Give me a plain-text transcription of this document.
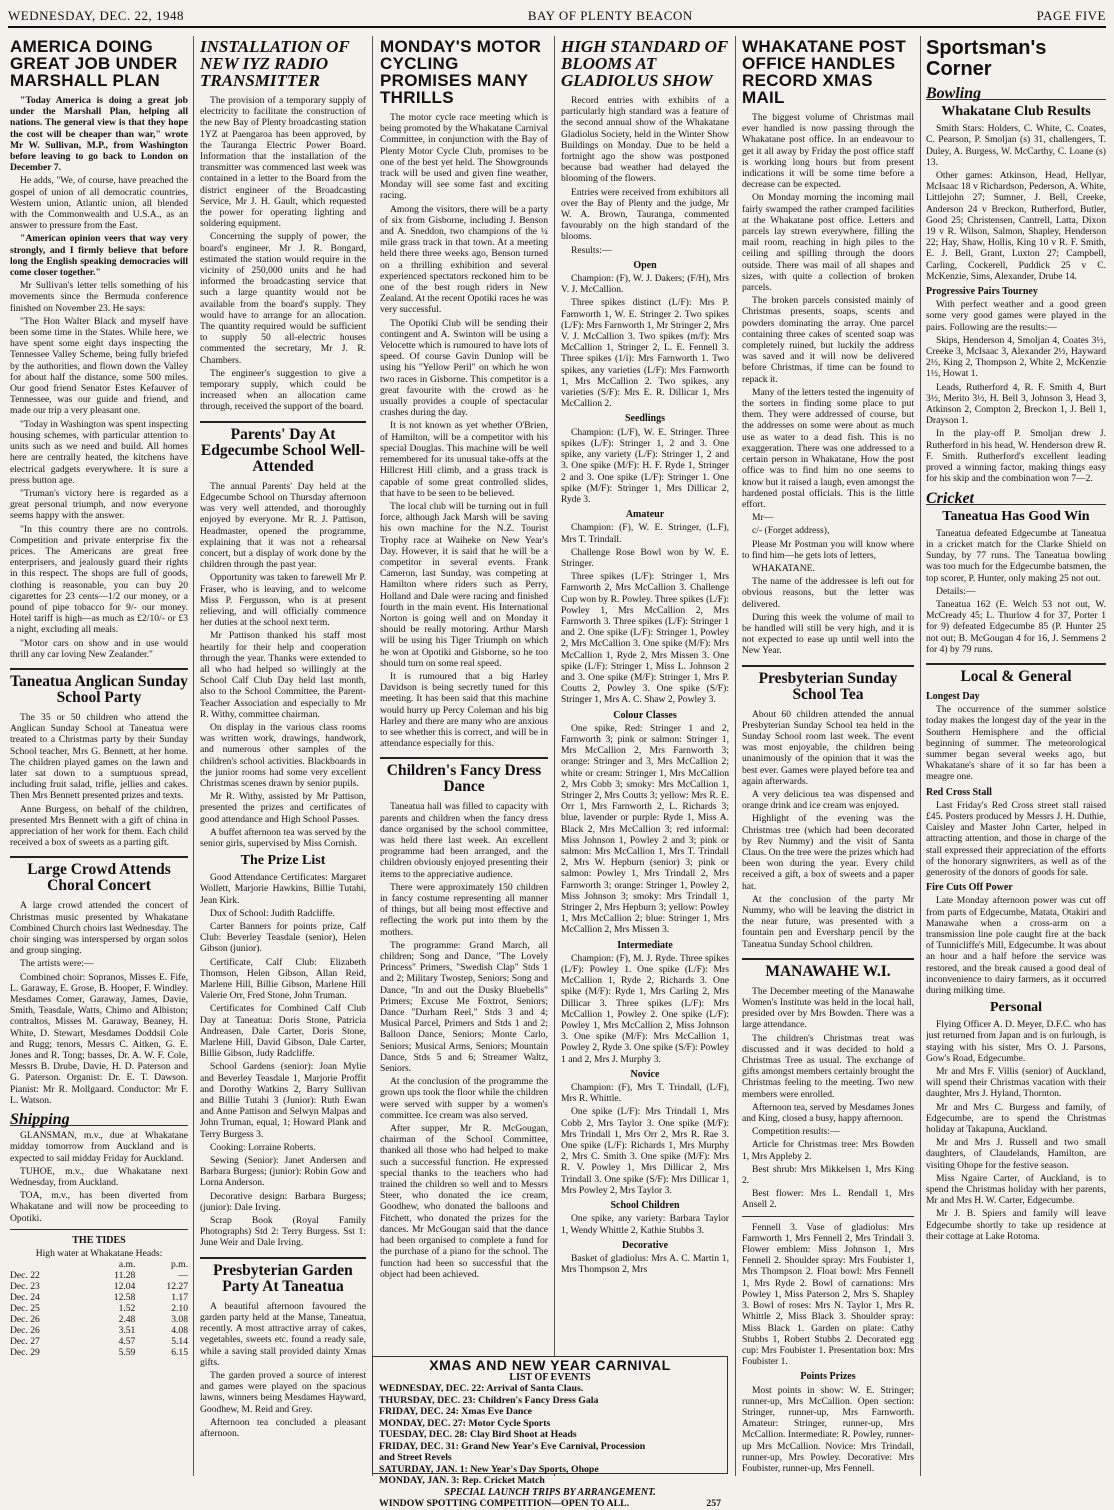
WEDNESDAY, DEC. 22, 1948	BAY OF PLENTY BEACON	PAGE FIVE
AMERICA DOING GREAT JOB UNDER MARSHALL PLAN

"Today America is doing a great job under the Marshall Plan, helping all nations. The general view is that they hope the cost will be cheaper than war," wrote Mr W. Sullivan, M.P., from Washington before leaving to go back to London on December 7.

He adds, "We, of course, have preached the gospel of union of all democratic countries, Western union, Atlantic union, all blended with the Commonwealth and U.S.A., as an answer to pressure from the East.

"American opinion veers that way very strongly, and I firmly believe that before long the English speaking democracies will come closer together."

Mr Sullivan's letter tells something of his movements since the Bermuda conference finished on November 23. He says:

"The Hon Walter Black and myself have been some time in the States. While here, we have spent some eight days inspecting the Tennessee Valley Scheme, being fully briefed by the authorities, and flown down the Valley for about half the distance, some 500 miles. Our good friend Senator Estes Kefauver of Tennessee, was our guide and friend, and made our trip a very pleasant one.

"Today in Washington was spent inspecting housing schemes, with particular attention to units such as we need and build. All homes here are centrally heated, the kitchens have electrical gadgets everywhere. It is sure a press button age.

"Truman's victory here is regarded as a great personal triumph, and now everyone seems happy with the answer.

"In this country there are no controls. Competition and private enterprise fix the prices. The Americans are great free enterprisers, and jealously guard their rights in this respect. The shops are full of goods, clothing is reasonable, you can buy 20 cigarettes for 23 cents—1/2 our money, or a pound of pipe tobacco for 9/- our money. Hotel tariff is high—as much as £2/10/- or £3 a night, excluding all meals.

"Motor cars on show and in use would thrill any car loving New Zealander."

Taneatua Anglican Sunday School Party

The 35 or 50 children who attend the Anglican Sunday School at Taneatua were treated to a Christmas party by their Sunday School teacher, Mrs G. Bennett, at her home. The children played games on the lawn and later sat down to a sumptuous spread, including fruit salad, trifle, jellies and cakes. Then Mrs Bennett presented prizes and texts.

Anne Burgess, on behalf of the children, presented Mrs Bennett with a gift of china in appreciation of her work for them. Each child received a box of sweets as a parting gift.

Large Crowd Attends Choral Concert

A large crowd attended the concert of Christmas music presented by Whakatane Combined Church choirs last Wednesday. The choir singing was interspersed by organ solos and group singing.

The artists were:—

Combined choir: Sopranos, Misses E. Fife, L. Garaway, E. Grose, B. Hooper, F. Windley. Mesdames Comer, Garaway, James, Davie, Smith, Teasdale, Watts, Chimo and Albiston; contraltos, Misses M. Garaway, Beaney, H. White, D. Stewart, Mesdames Doddsil Cole and Rugg; tenors, Messrs C. Aitken, G. E. Jones and R. Tong; basses, Dr. A. W. F. Cole, Messrs B. Drube, Davie, H. D. Paterson and G. Paterson. Organist: Dr. E. T. Dawson. Pianist: Mr R. Mollgaard. Conductor: Mr F. L. Watson.

Shipping

GLANSMAN, m.v., due at Whakatane midday tomorrow from Auckland and is expected to sail midday Friday for Auckland.

TUHOE, m.v., due Whakatane next Wednesday, from Auckland.

TOA, m.v., has been diverted from Whakatane and will now be proceeding to Opotiki.

THE TIDES
High water at Whakatane Heads:
	a.m.	p.m.
Dec. 22	11.28	—
Dec. 23	12.04	12.27
Dec. 24	12.58	1.17
Dec. 25	1.52	2.10
Dec. 26	2.48	3.08
Dec. 26	3.51	4.08
Dec. 27	4.57	5.14
Dec. 29	5.59	6.15
INSTALLATION OF NEW IYZ RADIO TRANSMITTER

The provision of a temporary supply of electricity to facilitate the construction of the new Bay of Plenty broadcasting station 1YZ at Paengaroa has been approved, by the Tauranga Electric Power Board. Information that the installation of the transmitter was commenced last week was contained in a letter to the Board from the district engineer of the Broadcasting Service, Mr J. H. Gault, which requested the power for operating lighting and soldering equipment.

Concerning the supply of power, the board's engineer, Mr J. R. Bongard, estimated the station would require in the vicinity of 250,000 units and he had informed the broadcasting service that such a large quantity would not be available from the board's supply. They would have to arrange for an allocation. The quantity required would be sufficient to supply 50 all-electric houses commented the secretary, Mr J. R. Chambers.

The engineer's suggestion to give a temporary supply, which could be increased when an allocation came through, received the support of the board.

Parents' Day At Edgecumbe School Well-Attended

The annual Parents' Day held at the Edgecumbe School on Thursday afternoon was very well attended, and thoroughly enjoyed by everyone. Mr R. J. Pattison, Headmaster, opened the programme, explaining that it was not a rehearsal concert, but a display of work done by the children through the past year.

Opportunity was taken to farewell Mr P. Fraser, who is leaving, and to welcome Miss P. Fergusson, who is at present relieving, and will officially commence her duties at the school next term.

Mr Pattison thanked his staff most heartily for their help and cooperation through the year. Thanks were extended to all who had helped so willingly at the School Calf Club Day held last month, also to the School Committee, the Parent-Teacher Association and especially to Mr R. Withy, committee chairman.

On display in the various class rooms was written work, drawings, handwork, and numerous other samples of the children's school activities. Blackboards in the junior rooms had some very excellent Christmas scenes drawn by senior pupils.

Mr R. Withy, assisted by Mr Pattison, presented the prizes and certificates of good attendance and High School Passes.

A buffet afternoon tea was served by the senior girls, supervised by Miss Cornish.

The Prize List

Good Attendance Certificates: Margaret Wollett, Marjorie Hawkins, Billie Tutahi, Jean Kirk.

Dux of School: Judith Radcliffe.

Carter Banners for points prize, Calf Club: Beverley Teasdale (senior), Helen Gibson (junior).

Certificate, Calf Club: Elizabeth Thomson, Helen Gibson, Allan Reid, Marlene Hill, Billie Gibson, Marlene Hill Valerie Orr, Fred Stone, John Truman.

Certificates for Combined Calf Club Day at Taneatua: Doris Stone, Patricia Andreasen, Dale Carter, Doris Stone, Marlene Hill, David Gibson, Dale Carter, Billie Gibson, Judy Radcliffe.

School Gardens (senior): Joan Mylie and Beverley Teasdale 1, Marjorie Proffit and Dorothy Watkins 2, Barry Sullivan and Billie Tutahi 3 (Junior): Ruth Ewan and Anne Pattison and Selwyn Malpas and John Truman, equal, 1; Howard Plank and Terry Burgess 3.

Cooking: Lorraine Roberts.

Sewing (Senior): Janet Andersen and Barbara Burgess; (junior): Robin Gow and Lorna Anderson.

Decorative design: Barbara Burgess; (junior): Dale Irving.

Scrap Book (Royal Family Photographs) Std 2: Terry Burgess. Sst 1: June Weir and Dale Irving.

Presbyterian Garden Party At Taneatua

A beautiful afternoon favoured the garden party held at the Manse, Taneatua, recently. A most attractive array of cakes, vegetables, sweets etc. found a ready sale, while a saving stall provided dainty Xmas gifts.

The garden proved a source of interest and games were played on the spacious lawns, winners being Mesdames Hayward, Goodhew, M. Reid and Grey.

Afternoon tea concluded a pleasant afternoon.

MONDAY'S MOTOR CYCLING PROMISES MANY THRILLS

The motor cycle race meeting which is being promoted by the Whakatane Carnival Committee, in conjunction with the Bay of Plenty Motor Cycle Club, promises to be one of the best yet held. The Showgrounds track will be used and given fine weather, Monday will see some fast and exciting racing.

Among the visitors, there will be a party of six from Gisborne, including J. Benson and A. Sneddon, two champions of the ¼ mile grass track in that town. At a meeting held there three weeks ago, Benson turned on a thrilling exhibition and several experienced spectators reckoned him to be one of the best rough riders in New Zealand. At the recent Opotiki races he was very successful.

The Opotiki Club will be sending their contingent and A. Swinton will be using a Velocette which is rumoured to have lots of speed. Of course Gavin Dunlop will be using his "Yellow Peril" on which he won two races in Gisborne. This competitor is a great favourite with the crowd as he usually provides a couple of spectacular crashes during the day.

It is not known as yet whether O'Brien, of Hamilton, will be a competitor with his special Douglas. This machine will be well remembered for its unusual take-offs at the Hillcrest Hill climb, and a grass track is capable of some great controlled slides, that have to be seen to be believed.

The local club will be turning out in full force, although Jack Marsh will be saving his own machine for the N.Z. Tourist Trophy race at Waiheke on New Year's Day. However, it is said that he will be a competitor in several events. Frank Cameron, last Sunday, was competing at Hamilton where riders such as Perry, Holland and Dale were racing and finished fourth in the main event. His International Norton is going well and on Monday it should be really motoring. Arthur Marsh will be using his Tiger Triumph on which he won at Opotiki and Gisborne, so he too should turn on some real speed.

It is rumoured that a big Harley Davidson is being secretly tuned for this meeting. It has been said that this machine would hurry up Percy Coleman and his big Harley and there are many who are anxious to see whether this is correct, and will be in attendance especially for this.

Children's Fancy Dress Dance

Taneatua hall was filled to capacity with parents and children when the fancy dress dance organised by the school committee, was held there last week. An excellent programme had been arranged, and the children obviously enjoyed presenting their items to the appreciative audience.

There were approximately 150 children in fancy costume representing all manner of things, but all being most effective and reflecting the work put into them by the mothers.

The programme: Grand March, all children; Song and Dance, "The Lovely Princess" Primers, "Swedish Clap" Stds 1 and 2; Military Twostep, Seniors; Song and Dance, "In and out the Dusky Bluebells" Primers; Excuse Me Foxtrot, Seniors; Dance "Durham Reel," Stds 3 and 4; Musical Parcel, Primers and Stds 1 and 2; Balloon Dance, Seniors; Monte Carlo, Seniors; Musical Arms, Seniors; Mountain Dance, Stds 5 and 6; Streamer Waltz, Seniors.

At the conclusion of the programme the grown ups took the floor while the children were served with supper by a women's committee. Ice cream was also served.

After supper, Mr R. McGougan, chairman of the School Committee, thanked all those who had helped to make such a successful function. He expressed special thanks to the teachers who had trained the children so well and to Messrs Steer, who donated the ice cream, Goodhew, who donated the balloons and Fitchett, who donated the prizes for the dances. Mr McGougan said that the dance had been organised to complete a fund for the purchase of a piano for the school. The function had been so successful that the object had been achieved.

HIGH STANDARD OF BLOOMS AT GLADIOLUS SHOW

Record entries with exhibits of a particularly high standard was a feature of the second annual show of the Whakatane Gladiolus Society, held in the Winter Show Buildings on Monday. Due to be held a fortnight ago the show was postponed because bad weather had delayed the blooming of the flowers.

Entries were received from exhibitors all over the Bay of Plenty and the judge, Mr W. A. Brown, Tauranga, commented favourably on the high standard of the blooms.

Results:—

Open

Champion: (F), W. J. Dakers; (F/H), Mrs V. J. McCallion.

Three spikes distinct (L/F): Mrs P. Farnworth 1, W. E. Stringer 2. Two spikes (L/F): Mrs Farnworth 1, Mr Stringer 2, Mrs V. J. McCallion 3. Two spikes (m/f): Mrs McCallion 1, Stringer 2, L. E. Fennell 3. Three spikes (1/i): Mrs Farnworth 1. Two spikes, any varieties (L/F): Mrs Farnworth 1, Mrs McCallion 2. Two spikes, any varieties (S/F): Mrs E. R. Dillicar 1, Mrs McCallion 2.

Seedlings

Champion: (L/F), W. E. Stringer. Three spikes (L/F): Stringer 1, 2 and 3. One spike, any variety (L/F): Stringer 1, 2 and 3. One spike (M/F): H. F. Ryde 1, Stringer 2 and 3. One spike (L/F): Stringer 1. One spike (M/F): Stringer 1, Mrs Dillicar 2, Ryde 3.

Amateur

Champion: (F), W. E. Stringer, (L.F), Mrs T. Trindall.

Challenge Rose Bowl won by W. E. Stringer.

Three spikes (L/F): Stringer 1, Mrs Farnworth 2, Mrs McCallion 3. Challenge Cup won by R. Powley. Three spikes (L/F): Powley 1, Mrs McCallion 2, Mrs Farnworth 3. Three spikes (L/F): Stringer 1 and 2. One spike (L/F): Stringer 1, Powley 2, Mrs McCallion 3. One spike (M/F): Mrs McCallion 1, Ryde 2, Mrs Missen 3. One spike (L/F): Stringer 1, Miss L. Johnson 2 and 3. One spike (M/F): Stringer 1, Mrs P. Coutts 2, Powley 3. One spike (S/F): Stringer 1, Mrs A. C. Shaw 2, Powley 3.

Colour Classes

One spike, Red: Stringer 1 and 2, Farnworth 3; pink or salmon: Stringer 1, Mrs McCallion 2, Mrs Farnworth 3; orange: Stringer and 3, Mrs McCallion 2; white or cream: Stringer 1, Mrs McCallion 2, Mrs Cobb 3; smoky: Mrs McCallion 1, Stringer 2, Mrs Coutts 3; yellow: Mrs R. E. Orr 1, Mrs Farnworth 2, L. Richards 3; blue, lavender or purple: Ryde 1, Miss A. Black 2, Mrs McCallion 3; red informal: Miss Johnson 1, Powley 2 and 3; pink or salmon: Mrs McCallion 1, Mrs T. Trindall 2, Mrs W. Hepburn (senior) 3; pink or salmon: Powley 1, Mrs Trindall 2, Mrs Farnworth 3; orange: Stringer 1, Powley 2, Miss Johnson 3; smoky: Mrs Trindall 1, Stringer 2, Mrs Hepburn 3; yellow: Powley 1, Mrs McCallion 2; blue: Stringer 1, Mrs McCallion 2, Mrs Missen 3.

Intermediate

Champion: (F), M. J. Ryde. Three spikes (L/F): Powley 1. One spike (L/F): Mrs McCallion 1, Ryde 2, Richards 3. One spike (M/F): Ryde 1, Mrs Carling 2, Mrs Dillicar 3. Three spikes (L/F): Mrs McCallion 1, Powley 2. One spike (L/F): Powley 1, Mrs McCallion 2, Miss Johnson 3. One spike (M/F): Mrs McCallion 1, Powley 2, Ryde 3. One spike (S/F): Powley 1 and 2, Mrs J. Murphy 3.

Novice

Champion: (F), Mrs T. Trindall, (L/F), Mrs R. Whittle.

One spike (L/F): Mrs Trindall 1, Mrs Cobb 2, Mrs Taylor 3. One spike (M/F): Mrs Trindall 1, Mrs Orr 2, Mrs R. Rae 3. One spike (L/F): Richards 1, Mrs Murphy 2, Mrs C. Smith 3. One spike (M/F): Mrs R. V. Powley 1, Mrs Dillicar 2, Mrs Trindall 3. One spike (S/F): Mrs Dillicar 1, Mrs Powley 2, Mrs Taylor 3.

School Children

One spike, any variety: Barbara Taylor 1, Wendy Whittle 2, Kathie Stubbs 3.

Decorative

Basket of gladiolus: Mrs A. C. Martin 1, Mrs Thompson 2, Mrs

WHAKATANE POST OFFICE HANDLES RECORD XMAS MAIL

The biggest volume of Christmas mail ever handled is now passing through the Whakatane post office. In an endeavour to get it all away by Friday the post office staff is working long hours but from present indications it will be some time before a decrease can be expected.

On Monday morning the incoming mail fairly swamped the rather cramped facilities at the Whakatane post office. Letters and parcels lay strewn everywhere, filling the mail room, reaching in high piles to the ceiling and spilling through the doors outside. There was mail of all shapes and sizes, with quite a collection of broken parcels.

The broken parcels consisted mainly of Christmas presents, soaps, scents and powders dominating the array. One parcel containing three cakes of scented soap was completely ruined, but luckily the address was saved and it will now be delivered before Christmas, if time can be found to repack it.

Many of the letters tested the ingenuity of the sorters in finding some place to put them. They were addressed of course, but the addresses on some were about as much use as water to a dead fish. This is no exaggeration. There was one addressed to a certain person in Whakatane, How the post office was to find him no one seems to know but it raised a laugh, even amongst the hardened postal officials. This is the little effort.

Mr—

c/- (Forget address),

Please Mr Postman you will know where to find him—he gets lots of letters,

WHAKATANE.

The name of the addressee is left out for obvious reasons, but the letter was delivered.

During this week the volume of mail to be handled will still be very high, and it is not expected to ease up until well into the New Year.

Presbyterian Sunday School Tea

About 60 children attended the annual Presbyterian Sunday School tea held in the Sunday School room last week. The event was most enjoyable, the children being unanimously of the opinion that it was the best ever. Games were played before tea and again afterwards.

A very delicious tea was dispensed and orange drink and ice cream was enjoyed.

Highlight of the evening was the Christmas tree (which had been decorated by Rev Nummy) and the visit of Santa Claus. On the tree were the prizes which had been won during the year. Every child received a gift, a box of sweets and a paper hat.

At the conclusion of the party Mr Nummy, who will be leaving the district in the near future, was presented with a fountain pen and Eversharp pencil by the Taneatua Sunday School children.

MANAWAHE W.I.

The December meeting of the Manawahe Women's Institute was held in the local hall, presided over by Mrs Bowden. There was a large attendance.

The children's Christmas treat was discussed and it was decided to hold a Christmas Tree as usual. The exchange of gifts amongst members certainly brought the Christmas feeling to the meeting. Two new members were enrolled.

Afternoon tea, served by Mesdames Jones and King, closed a busy, happy afternoon.

Competition results:—

Article for Christmas tree: Mrs Bowden 1, Mrs Appleby 2.

Best shrub: Mrs Mikkelsen 1, Mrs King 2.

Best flower: Mrs L. Rendall 1, Mrs Ansell 2.

Fennell 3. Vase of gladiolus: Mrs Farnworth 1, Mrs Fennell 2, Mrs Trindall 3. Flower emblem: Miss Johnson 1, Mrs Fennell 2. Shoulder spray: Mrs Foubister 1, Mrs Thompson 2. Float bowl: Mrs Fennell 1, Mrs Ryde 2. Bowl of carnations: Mrs Powley 1, Miss Paterson 2, Mrs S. Shapley 3. Bowl of roses: Mrs N. Taylor 1, Mrs R. Whittle 2, Miss Black 3. Shoulder spray: Miss Black 1. Garden on plate: Cathy Stubbs 1, Robert Stubbs 2. Decorated egg cup: Mrs Foubister 1. Presentation box: Mrs Foubister 1.

Points Prizes

Most points in show: W. E. Stringer; runner-up, Mrs McCallion. Open section: Stringer, runner-up, Mrs Farnworth. Amateur: Stringer, runner-up, Mrs McCallion. Intermediate: R. Powley, runner-up Mrs McCallion. Novice: Mrs Trindall, runner-up, Mrs Powley. Decorative: Mrs Foubister, runner-up, Mrs Fennell.

Sportsman's Corner
Bowling
Whakatane Club Results

Smith Stars: Holders, C. White, C. Coates, C. Pearson, P. Smoljan (s) 31, challengers, T. Duley, A. Burgess, W. McCarthy, C. Loane (s) 13.

Other games: Atkinson, Head, Hellyar, McIsaac 18 v Richardson, Pederson, A. White, Littlejohn 27; Sumner, J. Bell, Creeke, Anderson 24 v Breckon, Rutherford, Butler, Good 25; Christensen, Cantrell, Latta, Dixon 19 v R. Wilson, Salmon, Shapley, Henderson 22; Hay, Shaw, Hollis, King 10 v R. F. Smith, E. J. Bell, Grant, Luxton 27; Campbell, Carling, Cockerell, Puddick 25 v C. McKenzie, Sims, Alexander, Drube 14.

Progressive Pairs Tourney

With perfect weather and a good green some very good games were played in the pairs. Following are the results:—

Skips, Henderson 4, Smoljan 4, Coates 3½, Creeke 3, McIsaac 3, Alexander 2½, Hayward 2½, King 2, Thompson 2, White 2, McKenzie 1½, Howat 1.

Leads, Rutherford 4, R. F. Smith 4, Burt 3½, Merito 3½, H. Bell 3, Johnson 3, Head 3, Atkinson 2, Compton 2, Breckon 1, J. Bell 1, Drayson 1.

In the play-off P. Smoljan drew J. Rutherford in his head, W. Henderson drew R. F. Smith. Rutherford's excellent leading proved a winning factor, making things easy for his skip and the combination won 7—2.

Cricket
Taneatua Has Good Win

Taneatua defeated Edgecumbe at Taneatua in a cricket match for the Clarke Shield on Sunday, by 77 runs. The Taneatua bowling was too much for the Edgecumbe batsmen, the top scorer, P. Hunter, only making 25 not out.

Details:—

Taneatua 162 (E. Welch 53 not out, W. McCready 45; L. Thurlow 4 for 37, Porter 1 for 9) defeated Edgecumbe 85 (P. Hunter 25 not out; B. McGougan 4 for 16, J. Semmens 2 for 4) by 79 runs.

Local & General
Longest Day

The occurrence of the summer solstice today makes the longest day of the year in the Southern Hemisphere and the official beginning of summer. The meteorological summer began several weeks ago, but Whakatane's share of it so far has been a meagre one.

Red Cross Stall

Last Friday's Red Cross street stall raised £45. Posters produced by Messrs J. H. Duthie, Caisley and Master John Carter, helped in attracting attention, and those in charge of the stall expressed their appreciation of the efforts of the honorary signwriters, as well as of the generosity of the donors of goods for sale.

Fire Cuts Off Power

Late Monday afternoon power was cut off from parts of Edgecumbe, Matata, Otakiri and Manawahe when a cross-arm on a transmission line pole caught fire at the back of Tunnicliffe's Mill, Edgecumbe. It was about an hour and a half before the service was restored, and the break caused a good deal of inconvenience to dairy farmers, as it occurred during milking time.

Personal

Flying Officer A. D. Meyer, D.F.C. who has just returned from Japan and is on furlough, is staying with his sister, Mrs O. J. Parsons, Gow's Road, Edgecumbe.

Mr and Mrs F. Villis (senior) of Auckland, will spend their Christmas vacation with their daughter, Mrs J. Hyland, Thornton.

Mr and Mrs C. Burgess and family, of Edgecumbe, are to spend the Christmas holiday at Takapuna, Auckland.

Mr and Mrs J. Russell and two small daughters, of Claudelands, Hamilton, are visiting Ohope for the festive season.

Miss Ngaire Carter, of Auckland, is to spend the Christmas holiday with her parents, Mr and Mrs H. W. Carter, Edgecumbe.

Mr J. B. Spiers and family will leave Edgecumbe shortly to take up residence at their cottage at Lake Rotoma.

XMAS AND NEW YEAR CARNIVAL
LIST OF EVENTS
WEDNESDAY, DEC. 22: Arrival of Santa Claus.
THURSDAY, DEC. 23: Children's Fancy Dress Gala
FRIDAY, DEC. 24: Xmas Eve Dance
MONDAY, DEC. 27: Motor Cycle Sports
TUESDAY, DEC. 28: Clay Bird Shoot at Heads
FRIDAY, DEC. 31: Grand New Year's Eve Carnival, Procession
and Street Revels
SATURDAY, JAN. 1: New Year's Day Sports, Ohope
MONDAY, JAN. 3: Rep. Cricket Match
SPECIAL LAUNCH TRIPS BY ARRANGEMENT.
WINDOW SPOTTING COMPETITION—OPEN TO ALL.	257
